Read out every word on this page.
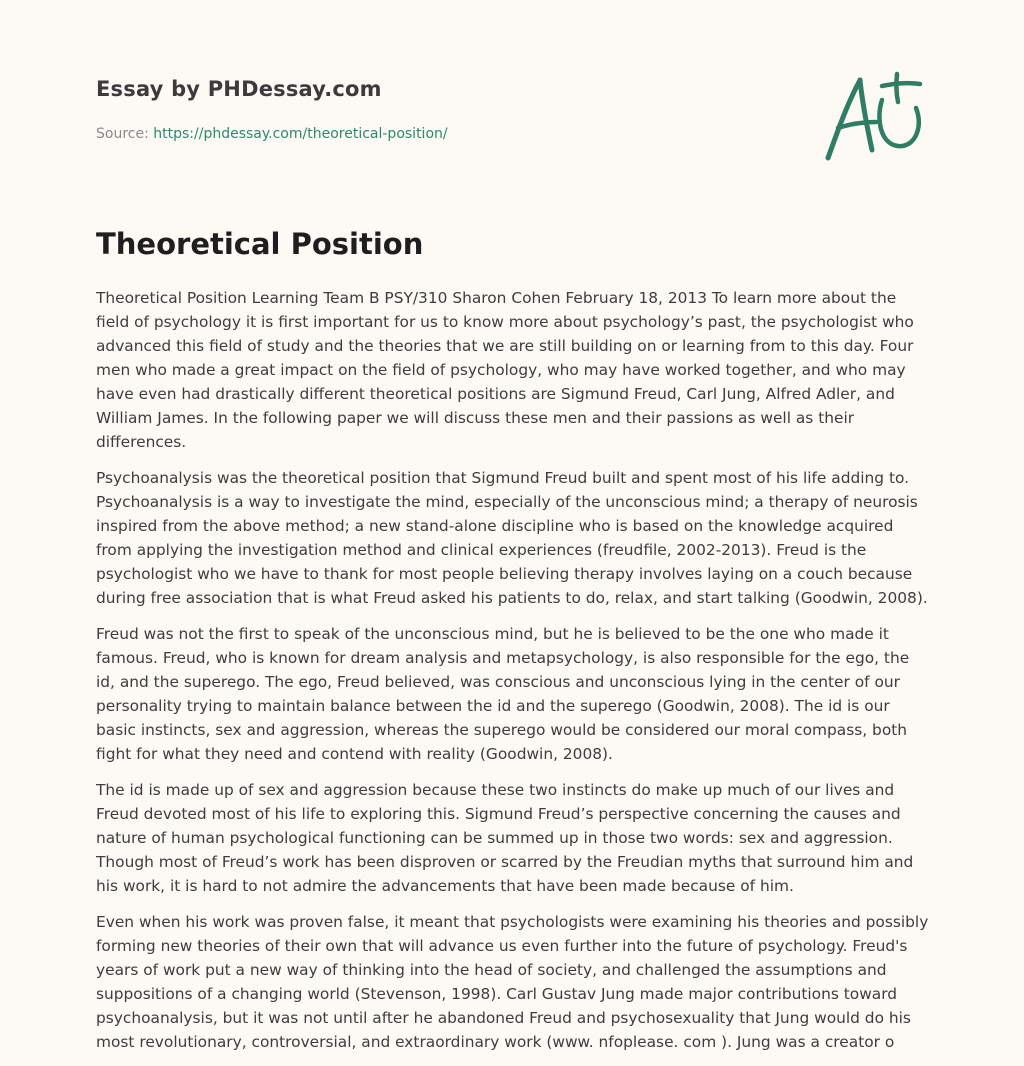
Essay by PHDessay.com
Source: https://phdessay.com/theoretical-position/
Theoretical Position

Theoretical Position Learning Team B PSY/310 Sharon Cohen February 18, 2013 To learn more about the field of psychology it is first important for us to know more about psychology’s past, the psychologist who advanced this field of study and the theories that we are still building on or learning from to this day. Four men who made a great impact on the field of psychology, who may have worked together, and who may have even had drastically different theoretical positions are Sigmund Freud, Carl Jung, Alfred Adler, and William James. In the following paper we will discuss these men and their passions as well as their differences.

Psychoanalysis was the theoretical position that Sigmund Freud built and spent most of his life adding to. Psychoanalysis is a way to investigate the mind, especially of the unconscious mind; a therapy of neurosis inspired from the above method; a new stand-alone discipline who is based on the knowledge acquired from applying the investigation method and clinical experiences (freudfile, 2002-2013). Freud is the psychologist who we have to thank for most people believing therapy involves laying on a couch because during free association that is what Freud asked his patients to do, relax, and start talking (Goodwin, 2008).

Freud was not the first to speak of the unconscious mind, but he is believed to be the one who made it famous. Freud, who is known for dream analysis and metapsychology, is also responsible for the ego, the id, and the superego. The ego, Freud believed, was conscious and unconscious lying in the center of our personality trying to maintain balance between the id and the superego (Goodwin, 2008). The id is our basic instincts, sex and aggression, whereas the superego would be considered our moral compass, both fight for what they need and contend with reality (Goodwin, 2008).

The id is made up of sex and aggression because these two instincts do make up much of our lives and Freud devoted most of his life to exploring this. Sigmund Freud’s perspective concerning the causes and nature of human psychological functioning can be summed up in those two words: sex and aggression. Though most of Freud’s work has been disproven or scarred by the Freudian myths that surround him and his work, it is hard to not admire the advancements that have been made because of him.

Even when his work was proven false, it meant that psychologists were examining his theories and possibly forming new theories of their own that will advance us even further into the future of psychology. Freud's years of work put a new way of thinking into the head of society, and challenged the assumptions and suppositions of a changing world (Stevenson, 1998). Carl Gustav Jung made major contributions toward psychoanalysis, but it was not until after he abandoned Freud and psychosexuality that Jung would do his most revolutionary, controversial, and extraordinary work (www. nfoplease. com ). Jung was a creator o
